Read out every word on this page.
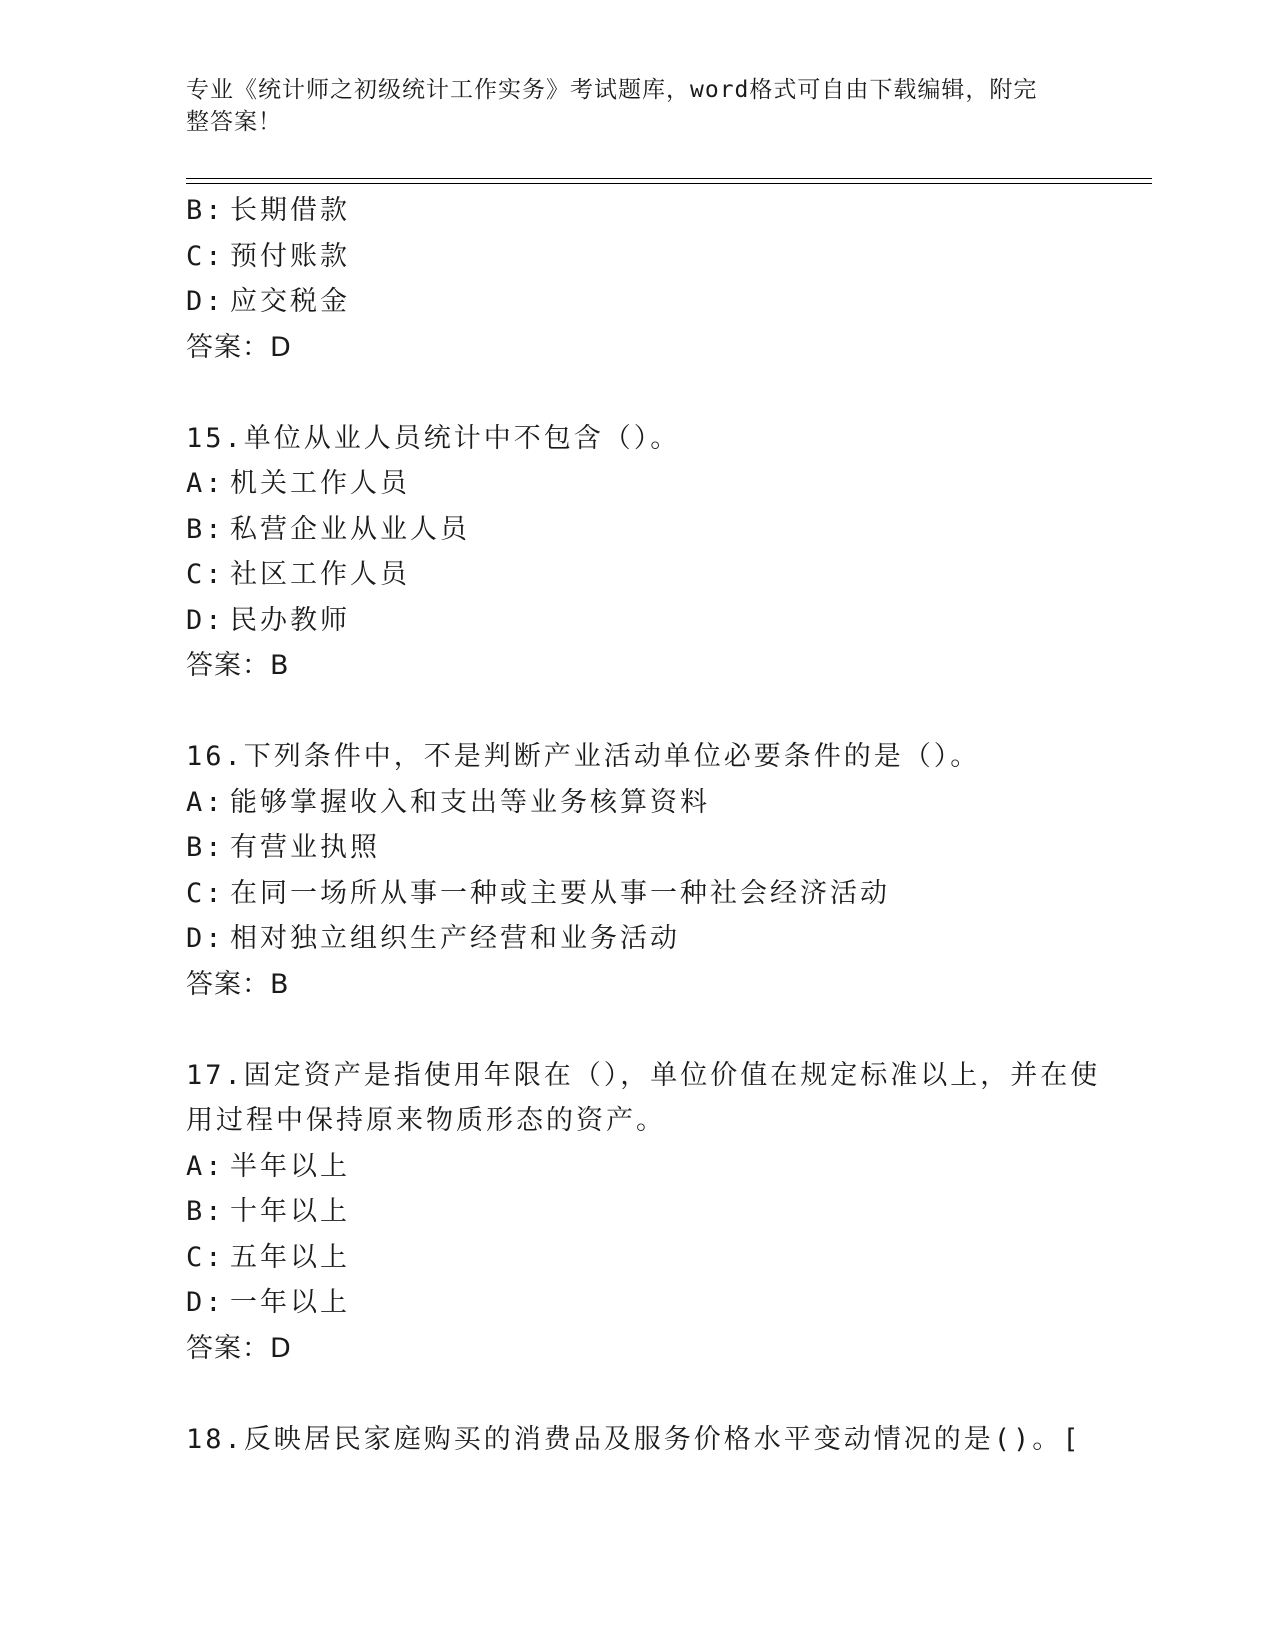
专业《统计师之初级统计工作实务》考试题库，word格式可自由下载编辑，附完
整答案！
B: 长期借款
C: 预付账款
D: 应交税金
答案：D
15.单位从业人员统计中不包含（）。
A: 机关工作人员
B: 私营企业从业人员
C: 社区工作人员
D: 民办教师
答案：B
16.下列条件中，不是判断产业活动单位必要条件的是（）。
A: 能够掌握收入和支出等业务核算资料
B: 有营业执照
C: 在同一场所从事一种或主要从事一种社会经济活动
D: 相对独立组织生产经营和业务活动
答案：B
17.固定资产是指使用年限在（），单位价值在规定标准以上，并在使
用过程中保持原来物质形态的资产。
A: 半年以上
B: 十年以上
C: 五年以上
D: 一年以上
答案：D
18.反映居民家庭购买的消费品及服务价格水平变动情况的是()。[
